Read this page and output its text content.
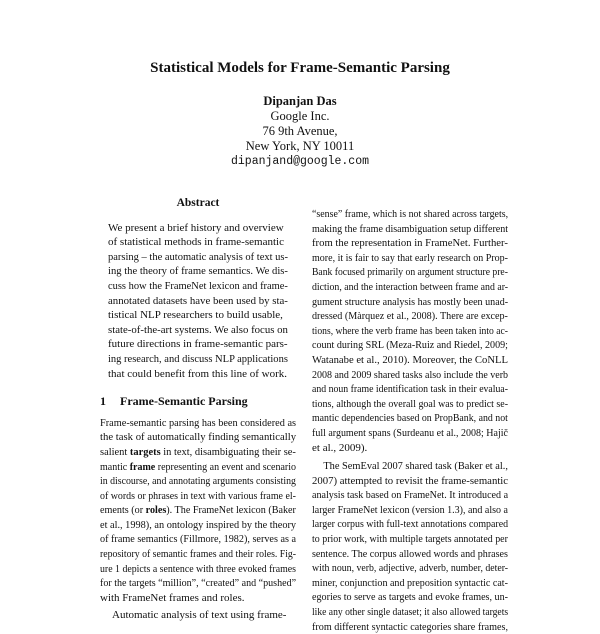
Statistical Models for Frame-Semantic Parsing
Dipanjan Das
Google Inc.
76 9th Avenue,
New York, NY 10011
dipanjand@google.com
Abstract
We present a brief history and overview
of statistical methods in frame-semantic
parsing – the automatic analysis of text us-
ing the theory of frame semantics. We dis-
cuss how the FrameNet lexicon and frame-
annotated datasets have been used by sta-
tistical NLP researchers to build usable,
state-of-the-art systems. We also focus on
future directions in frame-semantic pars-
ing research, and discuss NLP applications
that could benefit from this line of work.
1 Frame-Semantic Parsing
Frame-semantic parsing has been considered as
the task of automatically finding semantically
salient targets in text, disambiguating their se-
mantic frame representing an event and scenario
in discourse, and annotating arguments consisting
of words or phrases in text with various frame el-
ements (or roles). The FrameNet lexicon (Baker
et al., 1998), an ontology inspired by the theory
of frame semantics (Fillmore, 1982), serves as a
repository of semantic frames and their roles. Fig-
ure 1 depicts a sentence with three evoked frames
for the targets “million”, “created” and “pushed”
with FrameNet frames and roles.
Automatic analysis of text using frame-
“sense” frame, which is not shared across targets,
making the frame disambiguation setup different
from the representation in FrameNet. Further-
more, it is fair to say that early research on Prop-
Bank focused primarily on argument structure pre-
diction, and the interaction between frame and ar-
gument structure analysis has mostly been unad-
dressed (Màrquez et al., 2008). There are excep-
tions, where the verb frame has been taken into ac-
count during SRL (Meza-Ruiz and Riedel, 2009;
Watanabe et al., 2010). Moreover, the CoNLL
2008 and 2009 shared tasks also include the verb
and noun frame identification task in their evalua-
tions, although the overall goal was to predict se-
mantic dependencies based on PropBank, and not
full argument spans (Surdeanu et al., 2008; Hajič
et al., 2009).
The SemEval 2007 shared task (Baker et al.,
2007) attempted to revisit the frame-semantic
analysis task based on FrameNet. It introduced a
larger FrameNet lexicon (version 1.3), and also a
larger corpus with full-text annotations compared
to prior work, with multiple targets annotated per
sentence. The corpus allowed words and phrases
with noun, verb, adjective, adverb, number, deter-
miner, conjunction and preposition syntactic cat-
egories to serve as targets and evoke frames, un-
like any other single dataset; it also allowed targets
from different syntactic categories share frames,
